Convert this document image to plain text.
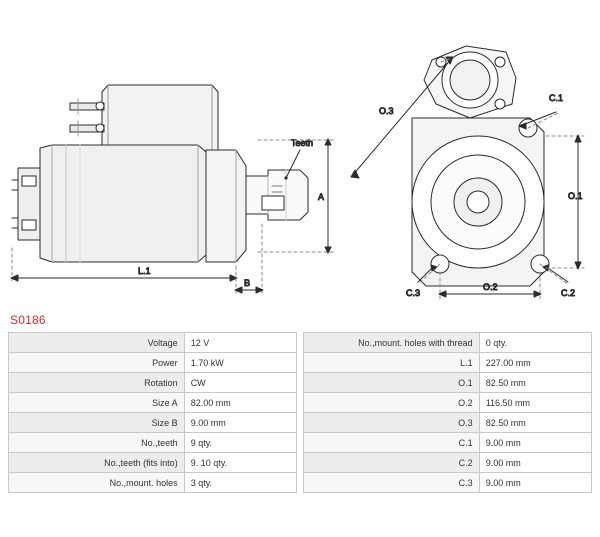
Teeth
A
L.1
B
O.3
C.1
C.2
C.3
O.1
O.2
S0186
Voltage	12 V
Power	1.70 kW
Rotation	CW
Size A	82.00 mm
Size B	9.00 mm
No.,teeth	9 qty.
No.,teeth (fits into)	9. 10 qty.
No.,mount. holes	3 qty.
No.,mount. holes with thread	0 qty.
L.1	227.00 mm
O.1	82.50 mm
O.2	116.50 mm
O.3	82.50 mm
C.1	9.00 mm
C.2	9.00 mm
C.3	9.00 mm
